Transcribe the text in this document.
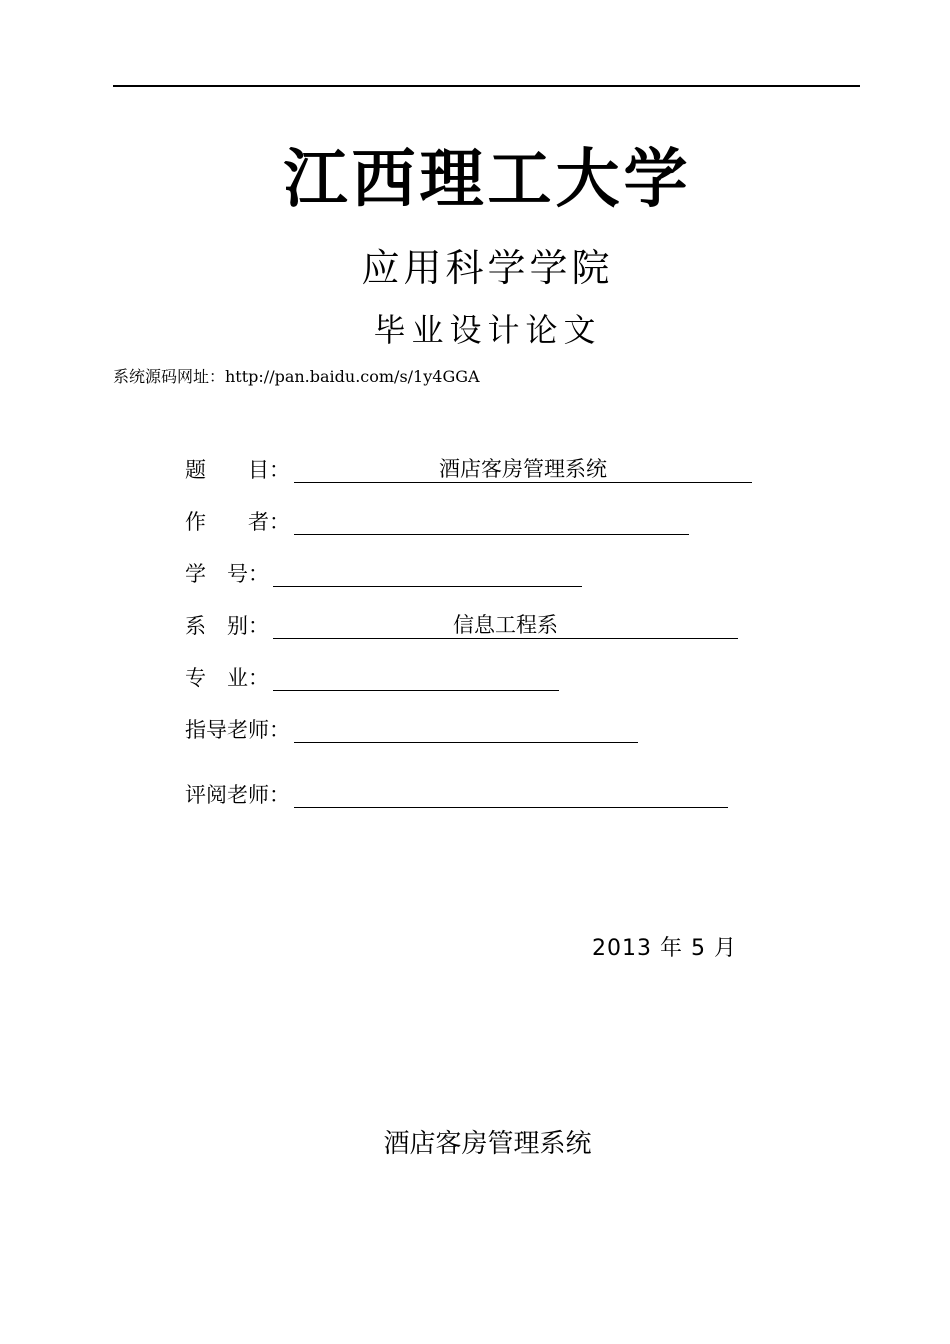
江西理工大学
应用科学学院
毕业设计论文
系统源码网址：http://pan.baidu.com/s/1y4GGA
题　　目：	酒店客房管理系统
作　　者：
学　号：
系　别：	信息工程系
专　业：
指导老师：
评阅老师：
2013 年 5 月
酒店客房管理系统
